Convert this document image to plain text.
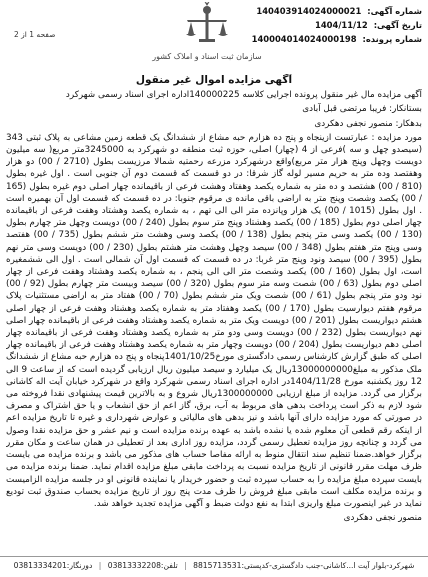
شماره آگهی: 140403914024000021
تاریخ آگهی: 1404/11/12
شماره پرونده: 140004014024000198
سازمان ثبت اسناد و املاک کشور
صفحه 1 از 2
آگهی مزایده اموال غیر منقول

آگهی مزایده مال غیر منقول پرونده اجرایی کلاسه 140000225اداره اجرای اسناد رسمی شهرکرد

بستانکار: فریبا مرتضی قبل آبادی

بدهکار: منصور نجفی دهکردی

مورد مزایده : عبارتست ازینجاه و پنج ده هزارم حبه مشاع از ششدانگ یک قطعه زمین مشاعی به پلاک ثبتی 343 (سیصدو چهل و سه )فرعی از 4 (چهار) اصلی، حوزه ثبت منطقه دو شهرکرد به 3245000متر مربع( سه میلیون دویست وچهل وپنج هزار متر مربع)واقع درشهرکرد مزرعه رحمتیه شمالا مرزیست بطول (2710 / 00) دو هزار وهفتصد وده متر به حریم مسیر لوله گاز شرقا: در دو قسمت که قسمت دوم آن جنوبی است . اول غیره بطول (810 / 00) هشتصد و ده متر به شماره یکصد وهفتاد وهشت فرعی از باقیمانده چهار اصلی دوم غیره بطول (165 / 00) یکصد وشصت وپنج متر به اراضی باقی مانده ی مرقوم جنوبا: در ده قسمت که قسمت اول آن بهمیره است . اول بطول (1015 / 00) یک هزار وپانزده متر الی الی تهم ، به شماره یکصد وهشتاد وهفت فرعی از باقیمانده چهار اصلی دوم بطول (185 / 00) یکصد وهشتاد وپنج متر سوم بطول (240 / 00) دویست وچهل متر چهارم بطول (130 / 00) یکصد وسی متر پنجم بطول (138 / 00) یکصد وسی وهشت متر ششم بطول (735 / 00) هفتصد وسی وپنج متر هفتم بطول (348 / 00) سیصد وچهل وهشت متر هشتم بطول (230 / 00) دویست وسی متر نهم بطول (395 / 00) سیصد ونود وپنج متر غربا: در ده قسمت که قسمت اول آن شمالی است . اول الی ششمغیره است، اول بطول (160 / 00) یکصد وشصت متر الی الی پنجم ، به شماره یکصد وهشتاد وهفت فرعی از چهار اصلی دوم بطول (63 / 00) شصت وسه متر سوم بطول (320 / 00) سیصد وبیست متر چهارم بطول (92 / 00) نود ودو متر پنجم بطول (61 / 00) شصت ویک متر ششم بطول (70 / 00) هفتاد متر به اراضی مستثنیات پلاک مرقوم هفتم دیوارسیت بطول (170 / 00) یکصد وهفتاد متر به شماره یکصد وهشتاد وهفت فرعی از چهار اصلی هشتم دیواریست بطول (201 / 00) دویست ویک متر به شماره یکصد وهشتاد وهفت فرعی از باقیمانده چهار اصلی نهم دیواریست بطول (232 / 00) دویست وسی ودو متر به شماره یکصد وهشتاد وهفت فرعی از باقیمانده چهار اصلی دهم دیواریست بطول (204 / 00) دویست وچهار متر به شماره یکصد وهشتاد وهفت فرعی از باقیمانده چهار اصلی که طبق گزارش کارشناس رسمی دادگستری مورخ1401/10/25پنجاه و پنج ده هزارم حبه مشاع از ششدانگ ملک مذکور به مبلغ13000000000ریال یک میلیارد و سیصد میلیون ریال ارزیابی گردیده است که از ساعت 9 الی 12 روز یکشنبه مورخ 1404/11/28در اداره اجرای اسناد رسمی شهرکرد واقع در شهرکرد خیابان آیت اله کاشانی برگزار می گردد. مزایده از مبلغ ارزیابی 1300000000ریال شروع و به بالاترین قیمت پیشنهادی نقدا فروخته می شود لازم به ذکر است پرداخت بدهی های مربوط به آب، برق، گاز اعم از حق انشعاب و یا حق اشتراک و مصرف در صورتی که مورد مزایده دارای آنها باشد و نیز بدهی های مالیاتی و عوارض شهرداری و غیره تا تاریخ مزایده اعم از اینکه رقم قطعی آن معلوم شده یا نشده باشد به عهده برنده مزایده است و نیم عشر و حق مزایده نقدا وصول می گردد و چنانچه روز مزایده تعطیل رسمی گردد، مزایده روز اداری بعد از تعطیلی در همان ساعت و مکان مقرر برگزار خواهد.ضمنا تنظیم سند انتقال منوط به ارائه مفاصا حساب های مذکور می باشد و برنده مزایده می بایست ظرف مهلت مقرر قانونی از تاریخ مزایده نسبت به پرداخت مابقی مبلغ مزایده اقدام نماید. ضمنا برنده مزایده می بایست سپرده مبلغ مزایده را به حساب سپرده ثبت و حضور خریدار یا نماینده قانونی او در جلسه مزایده الزامیست و برنده مزایده مکلف است مابقی مبلغ فروش را ظرف مدت پنج روز از تاریخ مزایده بحساب صندوق ثبت تودیع نماید در غیر اینصورت مبلغ واریزی ابتدا به نفع دولت ضبط و آگهی مزایده تجدید خواهد شد.

منصور نجفی دهکردی

شهرکرد-بلوار آیت ا...کاشانی-جنب دادگستری-کدپستی:8815713531 | تلفن:03813332208 | دورنگار:03813334201
